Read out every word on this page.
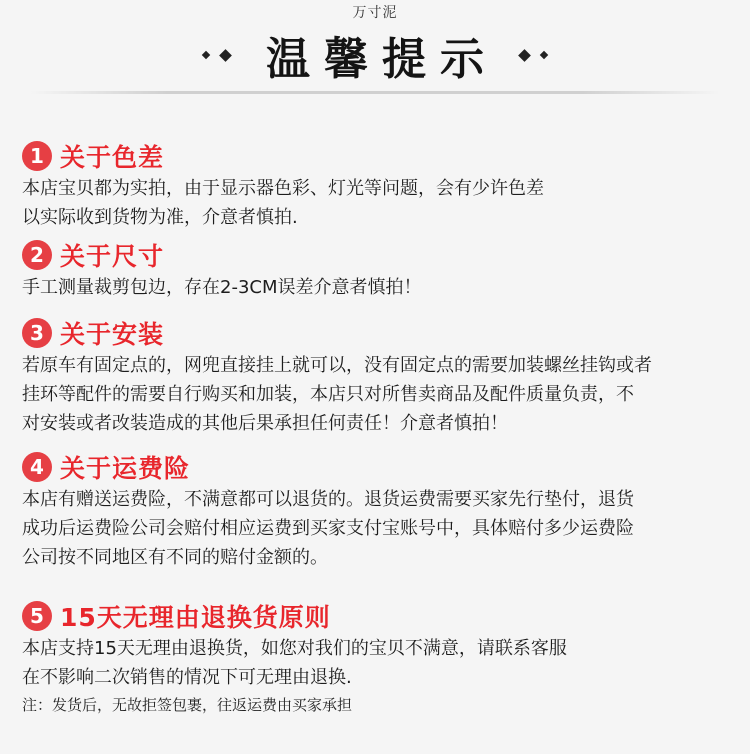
万寸泥
温馨提示
1 关于色差
本店宝贝都为实拍，由于显示器色彩、灯光等问题，会有少许色差
以实际收到货物为准，介意者慎拍.
2 关于尺寸
手工测量裁剪包边，存在2-3CM误差介意者慎拍！
3 关于安装
若原车有固定点的，网兜直接挂上就可以，没有固定点的需要加装螺丝挂钩或者
挂环等配件的需要自行购买和加装，本店只对所售卖商品及配件质量负责，不
对安装或者改装造成的其他后果承担任何责任！介意者慎拍！
4 关于运费险
本店有赠送运费险，不满意都可以退货的。退货运费需要买家先行垫付，退货
成功后运费险公司会赔付相应运费到买家支付宝账号中，具体赔付多少运费险
公司按不同地区有不同的赔付金额的。
5 15天无理由退换货原则
本店支持15天无理由退换货，如您对我们的宝贝不满意，请联系客服
在不影响二次销售的情况下可无理由退换.
注：发货后，无故拒签包裹，往返运费由买家承担
